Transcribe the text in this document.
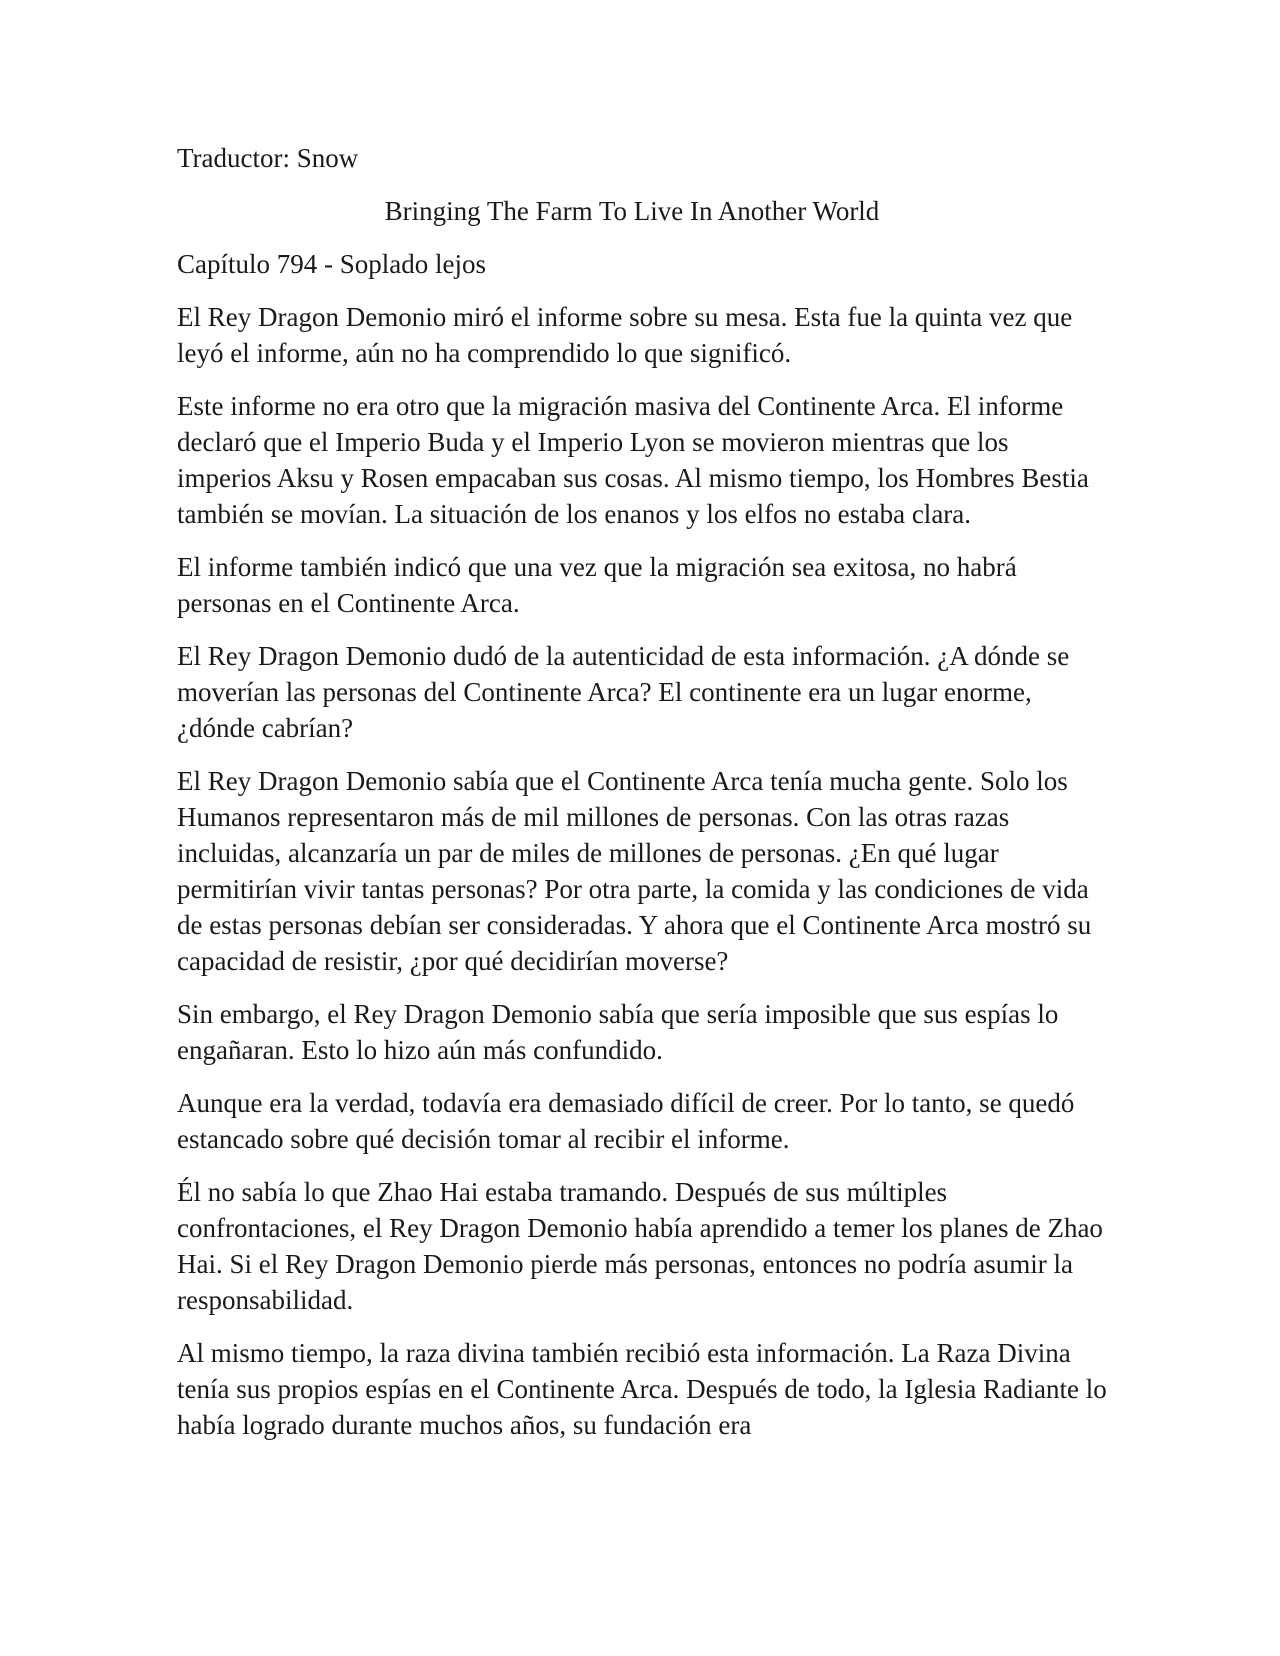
Traductor: Snow
Bringing The Farm To Live In Another World
Capítulo 794 - Soplado lejos

El Rey Dragon Demonio miró el informe sobre su mesa. Esta fue la quinta vez que leyó el informe, aún no ha comprendido lo que significó.

Este informe no era otro que la migración masiva del Continente Arca. El informe declaró que el Imperio Buda y el Imperio Lyon se movieron mientras que los imperios Aksu y Rosen empacaban sus cosas. Al mismo tiempo, los Hombres Bestia también se movían. La situación de los enanos y los elfos no estaba clara.

El informe también indicó que una vez que la migración sea exitosa, no habrá personas en el Continente Arca.

El Rey Dragon Demonio dudó de la autenticidad de esta información. ¿A dónde se moverían las personas del Continente Arca? El continente era un lugar enorme, ¿dónde cabrían?

El Rey Dragon Demonio sabía que el Continente Arca tenía mucha gente. Solo los Humanos representaron más de mil millones de personas. Con las otras razas incluidas, alcanzaría un par de miles de millones de personas. ¿En qué lugar permitirían vivir tantas personas? Por otra parte, la comida y las condiciones de vida de estas personas debían ser consideradas. Y ahora que el Continente Arca mostró su capacidad de resistir, ¿por qué decidirían moverse?

Sin embargo, el Rey Dragon Demonio sabía que sería imposible que sus espías lo engañaran. Esto lo hizo aún más confundido.

Aunque era la verdad, todavía era demasiado difícil de creer. Por lo tanto, se quedó estancado sobre qué decisión tomar al recibir el informe.

Él no sabía lo que Zhao Hai estaba tramando. Después de sus múltiples confrontaciones, el Rey Dragon Demonio había aprendido a temer los planes de Zhao Hai. Si el Rey Dragon Demonio pierde más personas, entonces no podría asumir la responsabilidad.

Al mismo tiempo, la raza divina también recibió esta información. La Raza Divina tenía sus propios espías en el Continente Arca. Después de todo, la Iglesia Radiante lo había logrado durante muchos años, su fundación era
